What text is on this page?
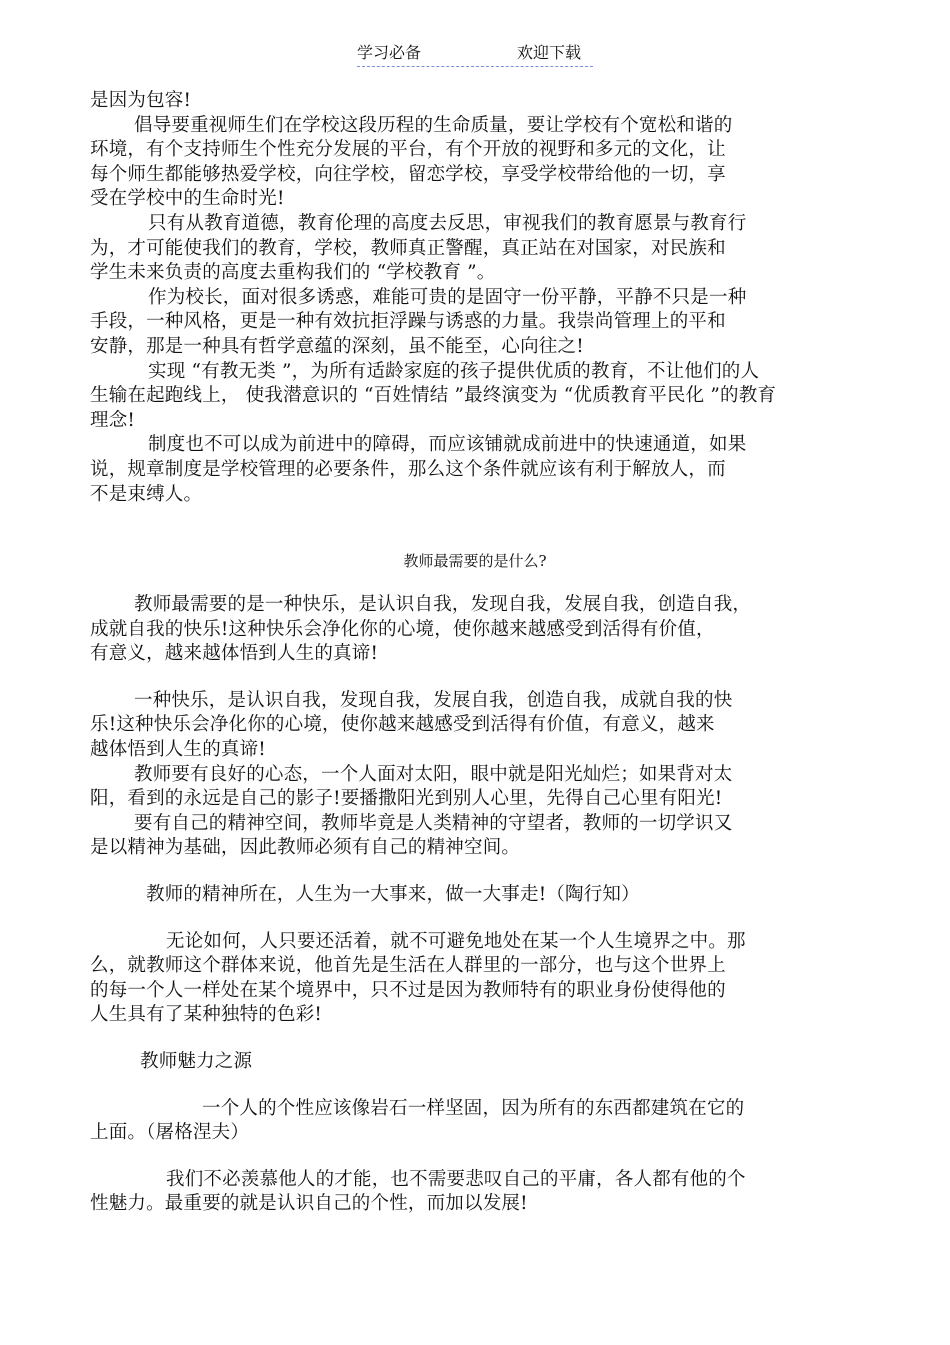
学习必备	欢迎下载
是因为包容!
倡导要重视师生们在学校这段历程的生命质量，要让学校有个宽松和谐的
环境，有个支持师生个性充分发展的平台，有个开放的视野和多元的文化，让
每个师生都能够热爱学校，向往学校，留恋学校，享受学校带给他的一切，享
受在学校中的生命时光!
只有从教育道德，教育伦理的高度去反思，审视我们的教育愿景与教育行
为，才可能使我们的教育，学校，教师真正警醒，真正站在对国家，对民族和
学生未来负责的高度去重构我们的 “学校教育 ”。
作为校长，面对很多诱惑，难能可贵的是固守一份平静，平静不只是一种
手段，一种风格，更是一种有效抗拒浮躁与诱惑的力量。我崇尚管理上的平和
安静，那是一种具有哲学意蕴的深刻，虽不能至，心向往之!
实现 “有教无类 ”，为所有适龄家庭的孩子提供优质的教育，不让他们的人
生输在起跑线上， 使我潜意识的 “百姓情结 ”最终演变为 “优质教育平民化 ”的教育
理念!
制度也不可以成为前进中的障碍，而应该铺就成前进中的快速通道，如果
说，规章制度是学校管理的必要条件，那么这个条件就应该有利于解放人，而
不是束缚人。
教师最需要的是什么?
教师最需要的是一种快乐，是认识自我，发现自我，发展自我，创造自我，
成就自我的快乐!这种快乐会净化你的心境，使你越来越感受到活得有价值，
有意义，越来越体悟到人生的真谛!
一种快乐，是认识自我，发现自我，发展自我，创造自我，成就自我的快
乐!这种快乐会净化你的心境，使你越来越感受到活得有价值，有意义，越来
越体悟到人生的真谛!
教师要有良好的心态，一个人面对太阳，眼中就是阳光灿烂；如果背对太
阳，看到的永远是自己的影子!要播撒阳光到别人心里，先得自己心里有阳光!
要有自己的精神空间，教师毕竟是人类精神的守望者，教师的一切学识又
是以精神为基础，因此教师必须有自己的精神空间。
教师的精神所在，人生为一大事来，做一大事走!（陶行知）
无论如何，人只要还活着，就不可避免地处在某一个人生境界之中。那
么，就教师这个群体来说，他首先是生活在人群里的一部分，也与这个世界上
的每一个人一样处在某个境界中，只不过是因为教师特有的职业身份使得他的
人生具有了某种独特的色彩!
教师魅力之源
一个人的个性应该像岩石一样坚固，因为所有的东西都建筑在它的
上面。（屠格涅夫）
我们不必羡慕他人的才能，也不需要悲叹自己的平庸，各人都有他的个
性魅力。最重要的就是认识自己的个性，而加以发展!
